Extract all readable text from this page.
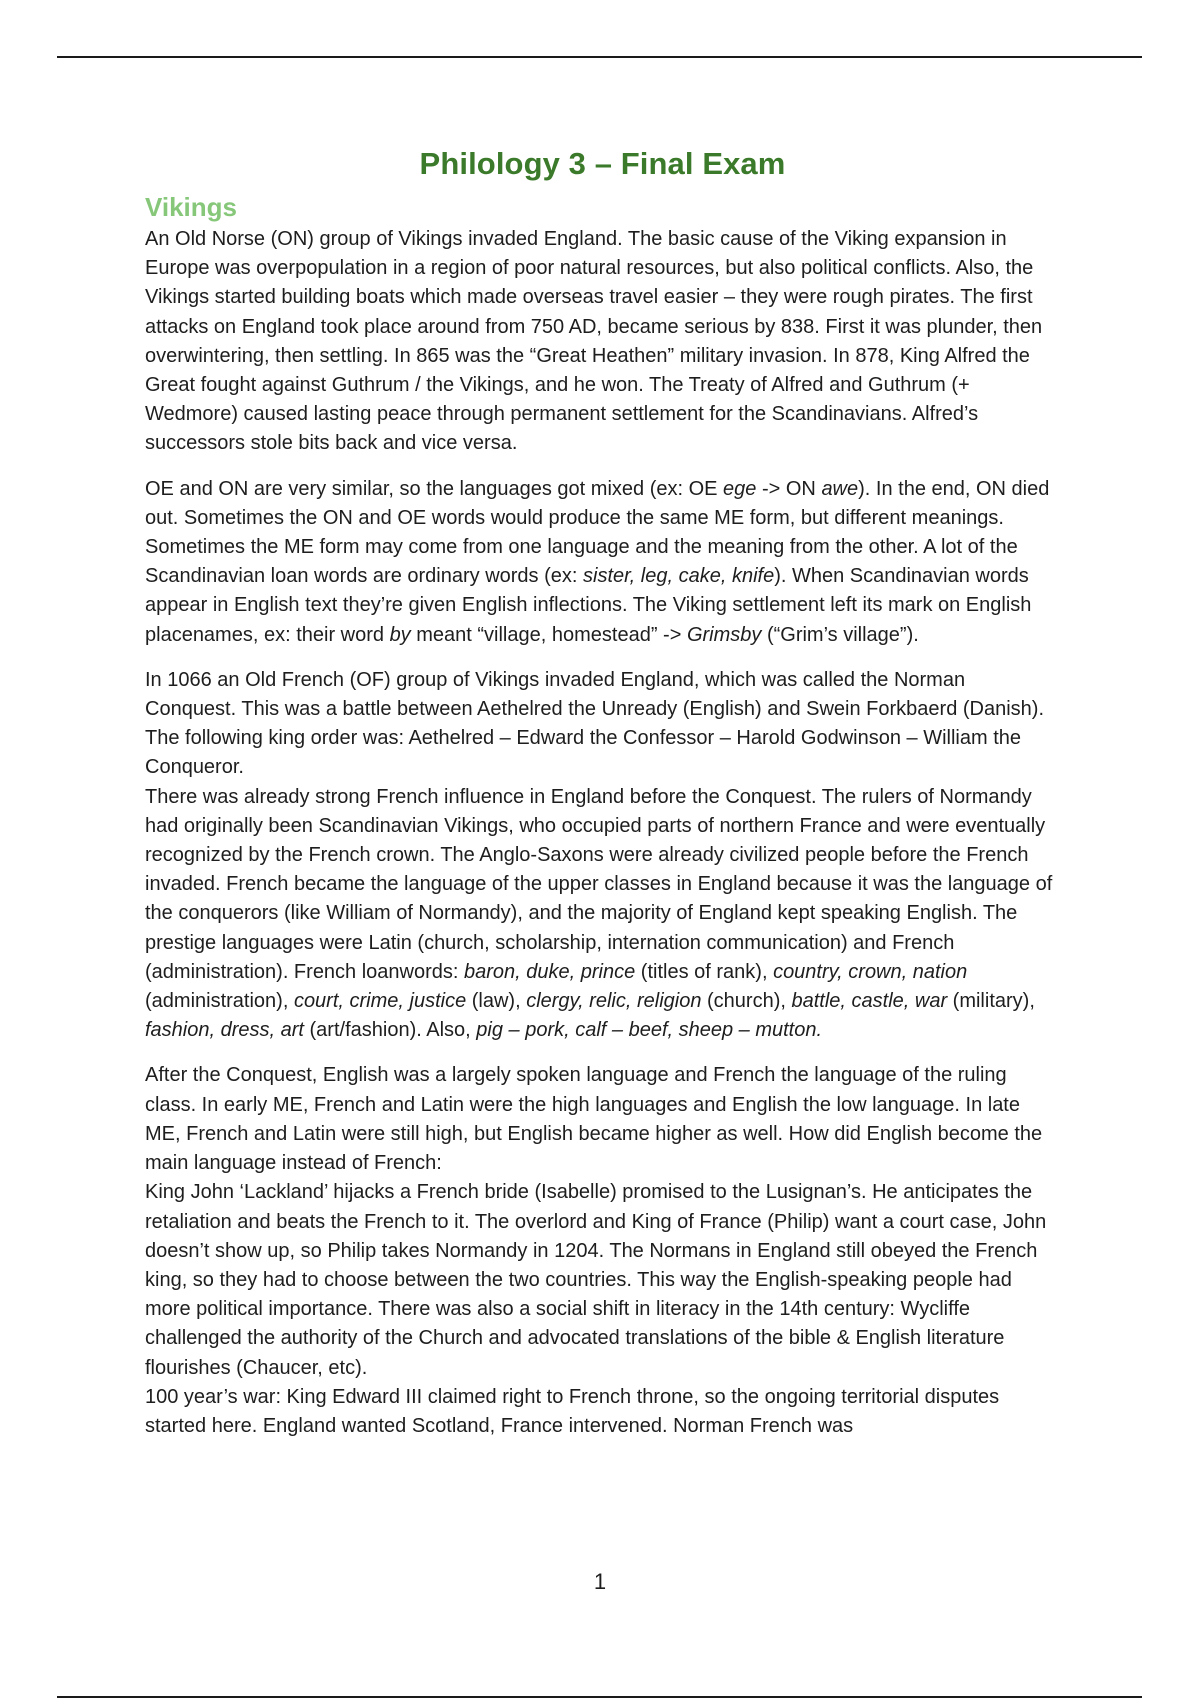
Philology 3 – Final Exam
Vikings

An Old Norse (ON) group of Vikings invaded England. The basic cause of the Viking expansion in Europe was overpopulation in a region of poor natural resources, but also political conflicts. Also, the Vikings started building boats which made overseas travel easier – they were rough pirates. The first attacks on England took place around from 750 AD, became serious by 838. First it was plunder, then overwintering, then settling. In 865 was the “Great Heathen” military invasion. In 878, King Alfred the Great fought against Guthrum / the Vikings, and he won. The Treaty of Alfred and Guthrum (+ Wedmore) caused lasting peace through permanent settlement for the Scandinavians. Alfred’s successors stole bits back and vice versa.

OE and ON are very similar, so the languages got mixed (ex: OE ege -> ON awe). In the end, ON died out. Sometimes the ON and OE words would produce the same ME form, but different meanings. Sometimes the ME form may come from one language and the meaning from the other. A lot of the Scandinavian loan words are ordinary words (ex: sister, leg, cake, knife). When Scandinavian words appear in English text they’re given English inflections. The Viking settlement left its mark on English placenames, ex: their word by meant “village, homestead” -> Grimsby (“Grim’s village”).

In 1066 an Old French (OF) group of Vikings invaded England, which was called the Norman Conquest. This was a battle between Aethelred the Unready (English) and Swein Forkbaerd (Danish). The following king order was: Aethelred – Edward the Confessor – Harold Godwinson – William the Conqueror.
There was already strong French influence in England before the Conquest. The rulers of Normandy had originally been Scandinavian Vikings, who occupied parts of northern France and were eventually recognized by the French crown. The Anglo-Saxons were already civilized people before the French invaded. French became the language of the upper classes in England because it was the language of the conquerors (like William of Normandy), and the majority of England kept speaking English. The prestige languages were Latin (church, scholarship, internation communication) and French (administration). French loanwords: baron, duke, prince (titles of rank), country, crown, nation (administration), court, crime, justice (law), clergy, relic, religion (church), battle, castle, war (military), fashion, dress, art (art/fashion). Also, pig – pork, calf – beef, sheep – mutton.

After the Conquest, English was a largely spoken language and French the language of the ruling class. In early ME, French and Latin were the high languages and English the low language. In late ME, French and Latin were still high, but English became higher as well. How did English become the main language instead of French:
King John ‘Lackland’ hijacks a French bride (Isabelle) promised to the Lusignan’s. He anticipates the retaliation and beats the French to it. The overlord and King of France (Philip) want a court case, John doesn’t show up, so Philip takes Normandy in 1204. The Normans in England still obeyed the French king, so they had to choose between the two countries. This way the English-speaking people had more political importance. There was also a social shift in literacy in the 14th century: Wycliffe challenged the authority of the Church and advocated translations of the bible & English literature flourishes (Chaucer, etc).
100 year’s war: King Edward III claimed right to French throne, so the ongoing territorial disputes started here. England wanted Scotland, France intervened. Norman French was

1
